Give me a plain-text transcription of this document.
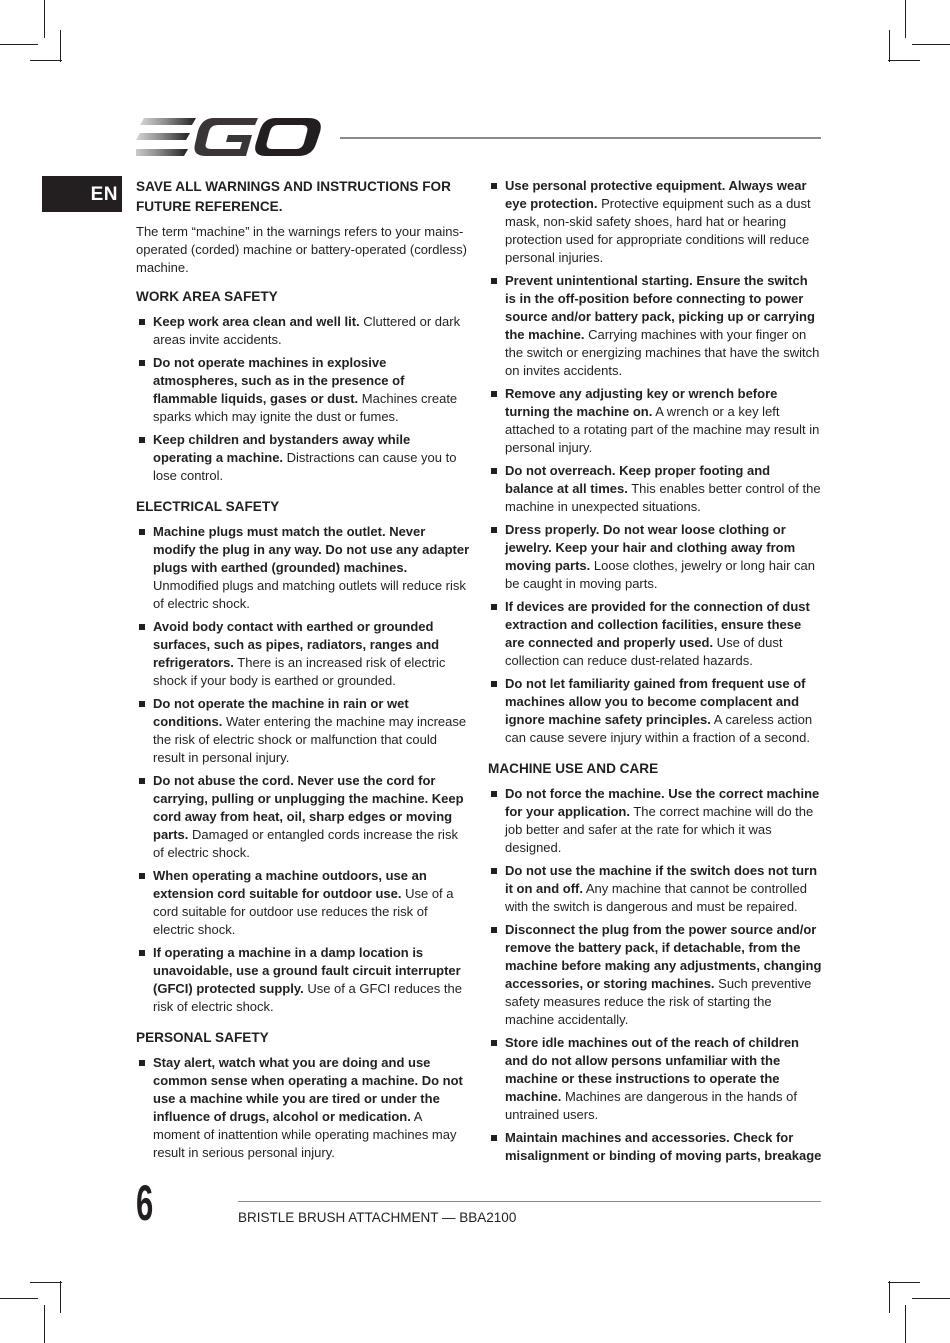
EN SAVE ALL WARNINGS AND INSTRUCTIONS FOR FUTURE REFERENCE.
The term “machine” in the warnings refers to your mains-operated (corded) machine or battery-operated (cordless) machine.
WORK AREA SAFETY
Keep work area clean and well lit. Cluttered or dark areas invite accidents.
Do not operate machines in explosive atmospheres, such as in the presence of flammable liquids, gases or dust. Machines create sparks which may ignite the dust or fumes.
Keep children and bystanders away while operating a machine. Distractions can cause you to lose control.
ELECTRICAL SAFETY
Machine plugs must match the outlet. Never modify the plug in any way. Do not use any adapter plugs with earthed (grounded) machines. Unmodified plugs and matching outlets will reduce risk of electric shock.
Avoid body contact with earthed or grounded surfaces, such as pipes, radiators, ranges and refrigerators. There is an increased risk of electric shock if your body is earthed or grounded.
Do not operate the machine in rain or wet conditions. Water entering the machine may increase the risk of electric shock or malfunction that could result in personal injury.
Do not abuse the cord. Never use the cord for carrying, pulling or unplugging the machine. Keep cord away from heat, oil, sharp edges or moving parts. Damaged or entangled cords increase the risk of electric shock.
When operating a machine outdoors, use an extension cord suitable for outdoor use. Use of a cord suitable for outdoor use reduces the risk of electric shock.
If operating a machine in a damp location is unavoidable, use a ground fault circuit interrupter (GFCI) protected supply. Use of a GFCI reduces the risk of electric shock.
PERSONAL SAFETY
Stay alert, watch what you are doing and use common sense when operating a machine. Do not use a machine while you are tired or under the influence of drugs, alcohol or medication. A moment of inattention while operating machines may result in serious personal injury.
Use personal protective equipment. Always wear eye protection. Protective equipment such as a dust mask, non-skid safety shoes, hard hat or hearing protection used for appropriate conditions will reduce personal injuries.
Prevent unintentional starting. Ensure the switch is in the off-position before connecting to power source and/or battery pack, picking up or carrying the machine. Carrying machines with your finger on the switch or energizing machines that have the switch on invites accidents.
Remove any adjusting key or wrench before turning the machine on. A wrench or a key left attached to a rotating part of the machine may result in personal injury.
Do not overreach. Keep proper footing and balance at all times. This enables better control of the machine in unexpected situations.
Dress properly. Do not wear loose clothing or jewelry. Keep your hair and clothing away from moving parts. Loose clothes, jewelry or long hair can be caught in moving parts.
If devices are provided for the connection of dust extraction and collection facilities, ensure these are connected and properly used. Use of dust collection can reduce dust-related hazards.
Do not let familiarity gained from frequent use of machines allow you to become complacent and ignore machine safety principles. A careless action can cause severe injury within a fraction of a second.
MACHINE USE AND CARE
Do not force the machine. Use the correct machine for your application. The correct machine will do the job better and safer at the rate for which it was designed.
Do not use the machine if the switch does not turn it on and off. Any machine that cannot be controlled with the switch is dangerous and must be repaired.
Disconnect the plug from the power source and/or remove the battery pack, if detachable, from the machine before making any adjustments, changing accessories, or storing machines. Such preventive safety measures reduce the risk of starting the machine accidentally.
Store idle machines out of the reach of children and do not allow persons unfamiliar with the machine or these instructions to operate the machine. Machines are dangerous in the hands of untrained users.
Maintain machines and accessories. Check for misalignment or binding of moving parts, breakage
6	BRISTLE BRUSH ATTACHMENT — BBA2100
